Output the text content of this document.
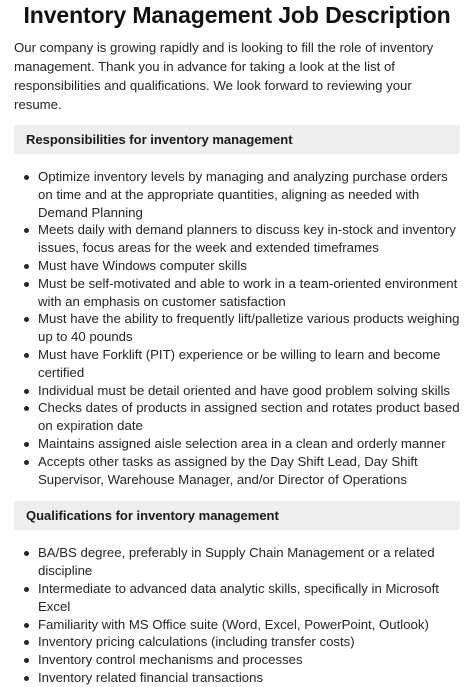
Inventory Management Job Description

Our company is growing rapidly and is looking to fill the role of inventory management. Thank you in advance for taking a look at the list of responsibilities and qualifications. We look forward to reviewing your resume.

Responsibilities for inventory management
Optimize inventory levels by managing and analyzing purchase orders on time and at the appropriate quantities, aligning as needed with Demand Planning
Meets daily with demand planners to discuss key in-stock and inventory issues, focus areas for the week and extended timeframes
Must have Windows computer skills
Must be self-motivated and able to work in a team-oriented environment with an emphasis on customer satisfaction
Must have the ability to frequently lift/palletize various products weighing up to 40 pounds
Must have Forklift (PIT) experience or be willing to learn and become certified
Individual must be detail oriented and have good problem solving skills
Checks dates of products in assigned section and rotates product based on expiration date
Maintains assigned aisle selection area in a clean and orderly manner
Accepts other tasks as assigned by the Day Shift Lead, Day Shift Supervisor, Warehouse Manager, and/or Director of Operations
Qualifications for inventory management
BA/BS degree, preferably in Supply Chain Management or a related discipline
Intermediate to advanced data analytic skills, specifically in Microsoft Excel
Familiarity with MS Office suite (Word, Excel, PowerPoint, Outlook)
Inventory pricing calculations (including transfer costs)
Inventory control mechanisms and processes
Inventory related financial transactions
